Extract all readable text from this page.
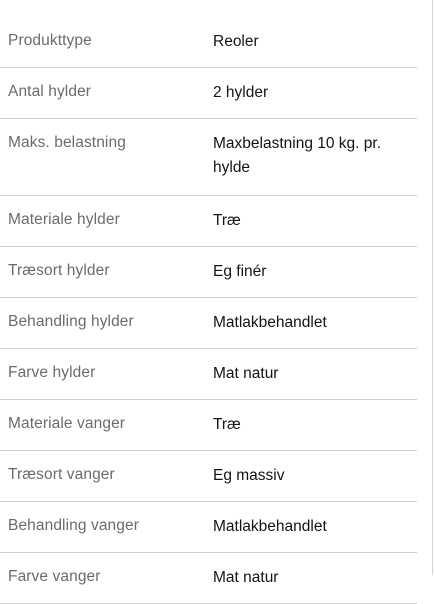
Produkttype	Reoler
Antal hylder	2 hylder
Maks. belastning	Maxbelastning 10 kg. pr. hylde
Materiale hylder	Træ
Træsort hylder	Eg finér
Behandling hylder	Matlakbehandlet
Farve hylder	Mat natur
Materiale vanger	Træ
Træsort vanger	Eg massiv
Behandling vanger	Matlakbehandlet
Farve vanger	Mat natur
